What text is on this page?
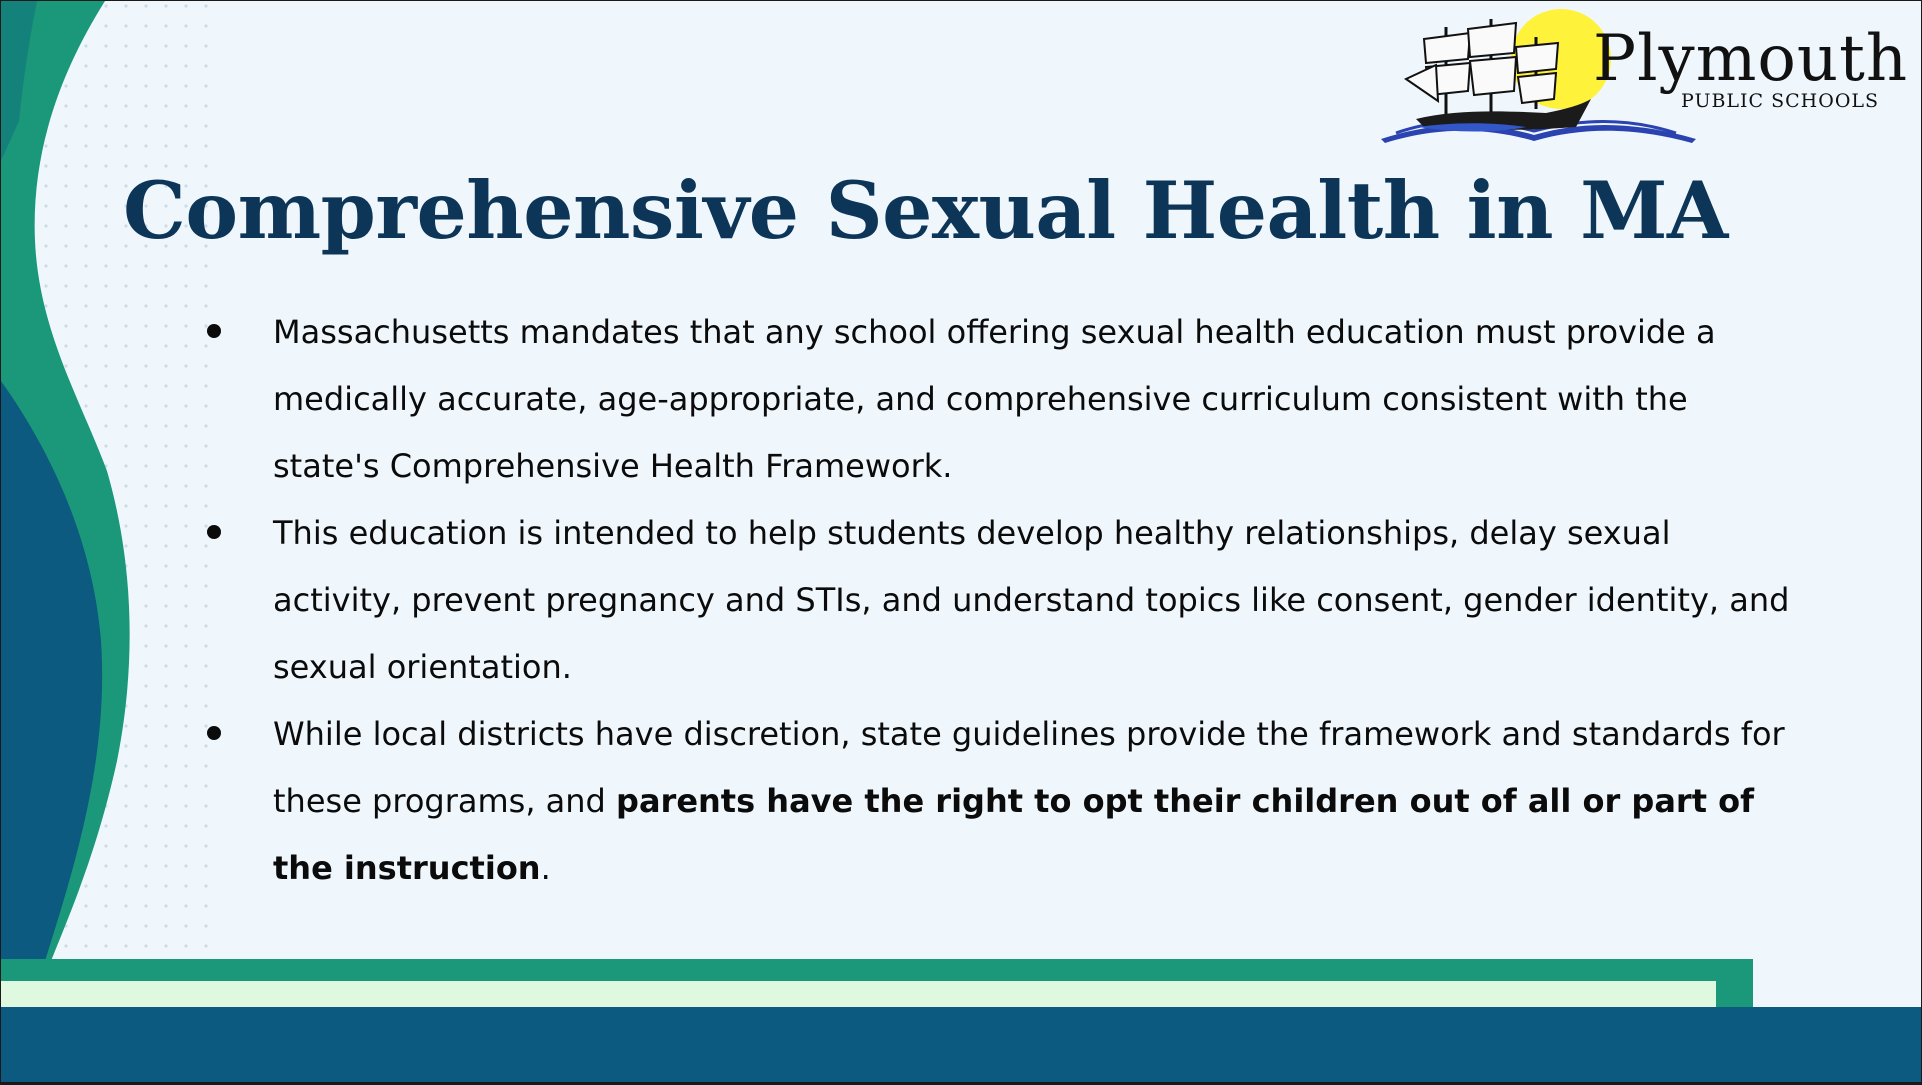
Plymouth
PUBLIC SCHOOLS
Comprehensive Sexual Health in MA
Massachusetts mandates that any school offering sexual health education must provide a medically accurate, age-appropriate, and comprehensive curriculum consistent with the state's Comprehensive Health Framework.
This education is intended to help students develop healthy relationships, delay sexual activity, prevent pregnancy and STIs, and understand topics like consent, gender identity, and sexual orientation.
While local districts have discretion, state guidelines provide the framework and standards for these programs, and parents have the right to opt their children out of all or part of the instruction.
